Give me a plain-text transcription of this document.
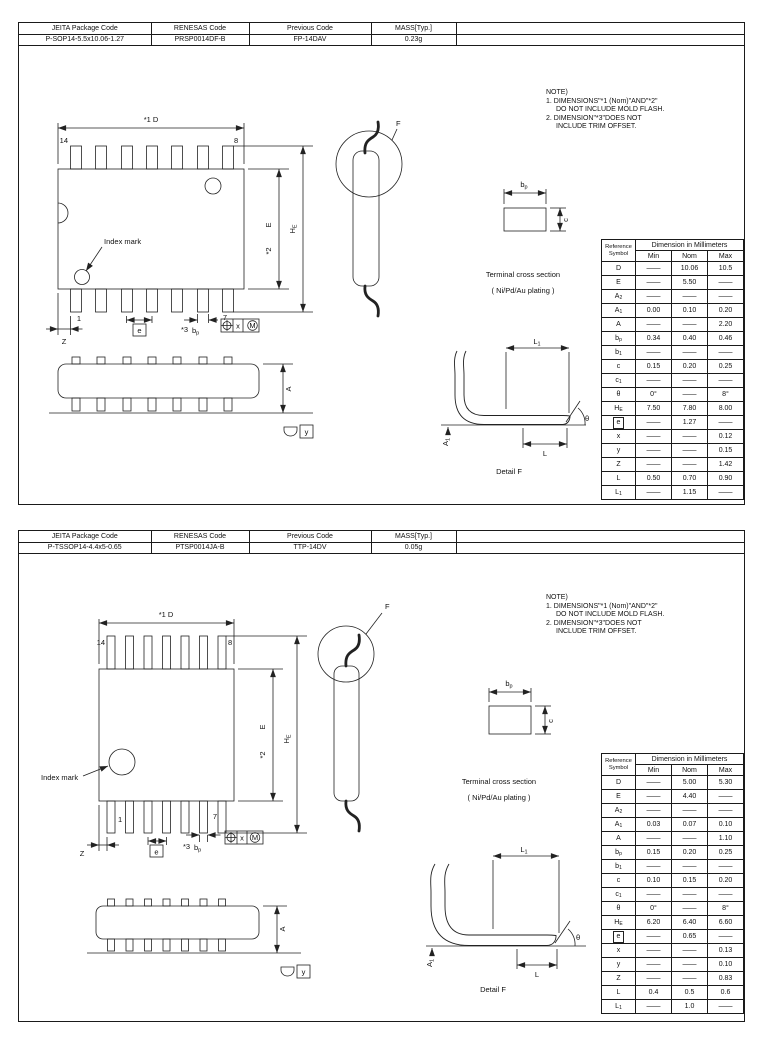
JEITA Package Code	RENESAS Code	Previous Code	MASS[Typ.]	
P-SOP14-5.5x10.06-1.27	PRSP0014DF-B	FP-14DAV	0.23g	
14	8
1	7
Index mark
*1 D
E
*2
$H_E$
Z
e	*3 $b_p$
x M
F
$b_p$
c
Terminal cross section
( Ni/Pd/Au plating )
A
y
$L_1$
$A_1$
θ
L
Detail F
NOTE)
1. DIMENSIONS"*1 (Nom)"AND"*2"
DO NOT INCLUDE MOLD FLASH.
2. DIMENSION"*3"DOES NOT
INCLUDE TRIM OFFSET.
Reference
Symbol	Dimension in Millimeters		
	Min	Nom	Max
D	——	10.06	10.5
E	——	5.50	——
A2	——	——	——
A1	0.00	0.10	0.20
A	——	——	2.20
bp	0.34	0.40	0.46
b1	——	——	——
c	0.15	0.20	0.25
c1	——	——	——
θ	0°	——	8°
HE	7.50	7.80	8.00
e	——	1.27	——
x	——	——	0.12
y	——	——	0.15
Z	——	——	1.42
L	0.50	0.70	0.90
L1	——	1.15	——
JEITA Package Code	RENESAS Code	Previous Code	MASS[Typ.]	
P-TSSOP14-4.4x5-0.65	PTSP0014JA-B	TTP-14DV	0.05g	
14	8
1	7
Index mark
*1 D
E
*2
$H_E$
Z	e
*3 $b_p$
x M
F
$b_p$
c
Terminal cross section
( Ni/Pd/Au plating )
A
y
$L_1$
$A_1$
θ
L
Detail F
NOTE)
1. DIMENSIONS"*1 (Nom)"AND"*2"
DO NOT INCLUDE MOLD FLASH.
2. DIMENSION"*3"DOES NOT
INCLUDE TRIM OFFSET.
Reference
Symbol	Dimension in Millimeters		
	Min	Nom	Max
D	——	5.00	5.30
E	——	4.40	——
A2	——	——	——
A1	0.03	0.07	0.10
A	——	——	1.10
bp	0.15	0.20	0.25
b1	——	——	——
c	0.10	0.15	0.20
c1	——	——	——
θ	0°	——	8°
HE	6.20	6.40	6.60
e	——	0.65	——
x	——	——	0.13
y	——	——	0.10
Z	——	——	0.83
L	0.4	0.5	0.6
L1	——	1.0	——
